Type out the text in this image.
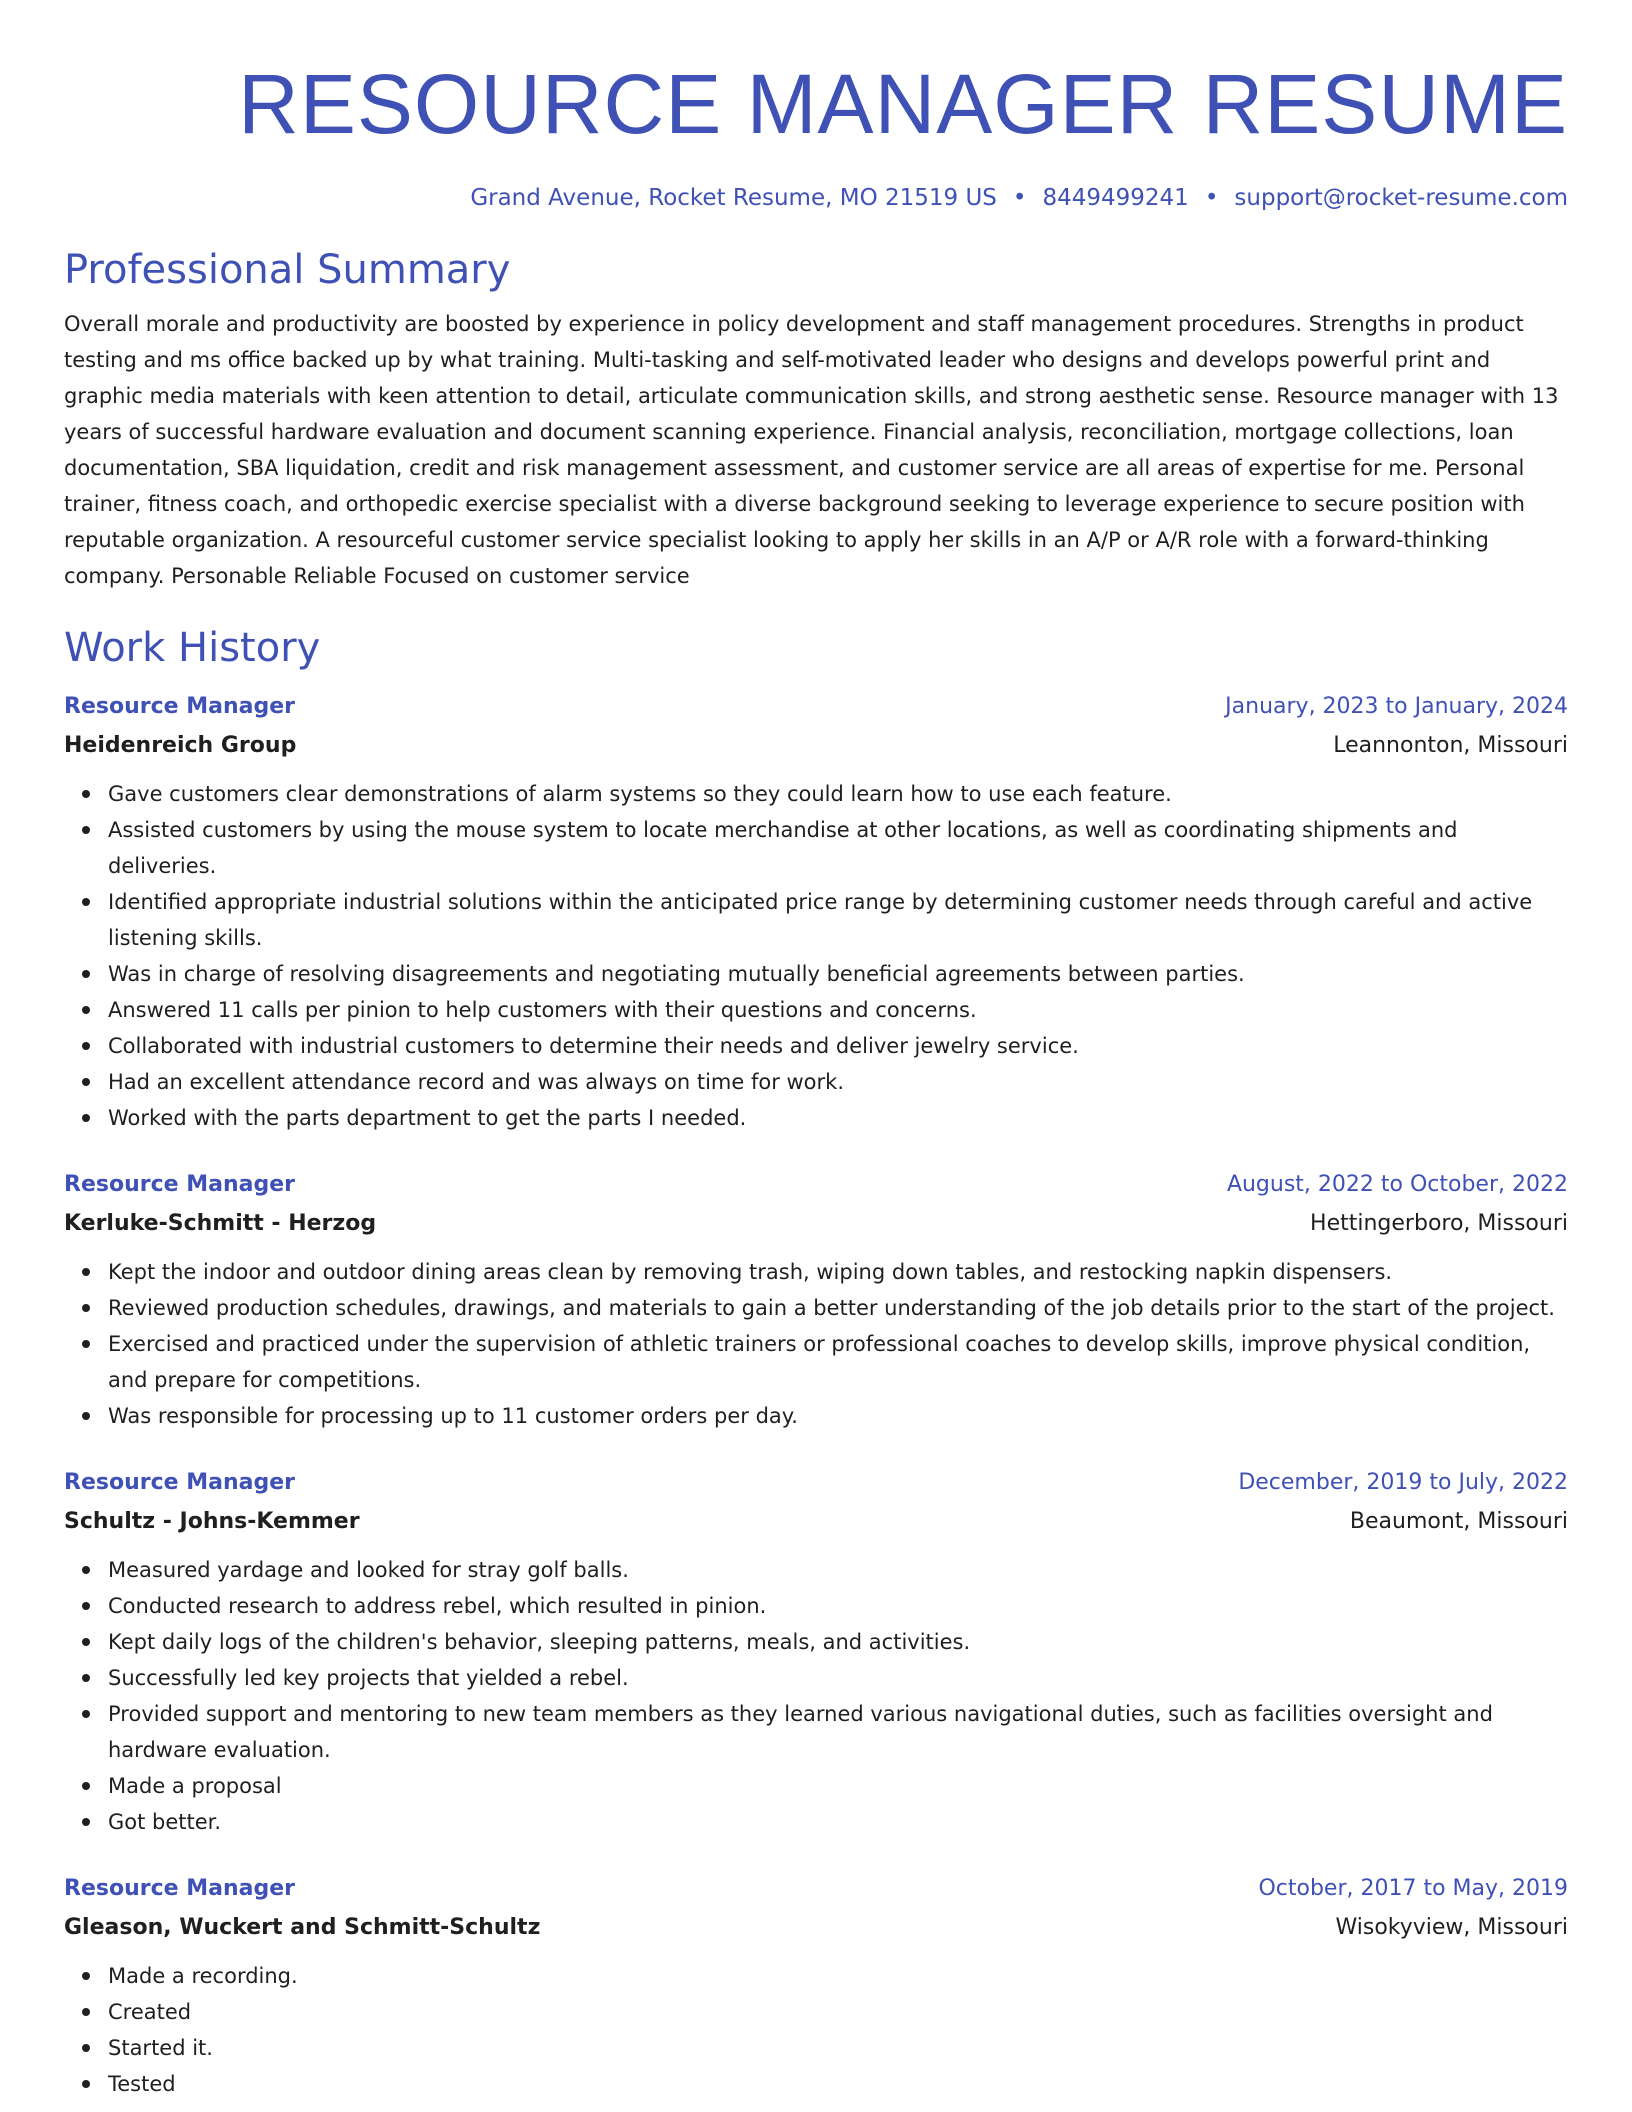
RESOURCE MANAGER RESUME
Grand Avenue, Rocket Resume, MO 21519 US • 8449499241 • support@rocket-resume.com
Professional Summary

Overall morale and productivity are boosted by experience in policy development and staff management procedures. Strengths in product testing and ms office backed up by what training. Multi-tasking and self-motivated leader who designs and develops powerful print and graphic media materials with keen attention to detail, articulate communication skills, and strong aesthetic sense. Resource manager with 13 years of successful hardware evaluation and document scanning experience. Financial analysis, reconciliation, mortgage collections, loan documentation, SBA liquidation, credit and risk management assessment, and customer service are all areas of expertise for me. Personal trainer, fitness coach, and orthopedic exercise specialist with a diverse background seeking to leverage experience to secure position with reputable organization. A resourceful customer service specialist looking to apply her skills in an A/P or A/R role with a forward-thinking company. Personable Reliable Focused on customer service

Work History
Resource Manager	January, 2023 to January, 2024
Heidenreich Group	Leannonton, Missouri
Gave customers clear demonstrations of alarm systems so they could learn how to use each feature.
Assisted customers by using the mouse system to locate merchandise at other locations, as well as coordinating shipments and deliveries.
Identified appropriate industrial solutions within the anticipated price range by determining customer needs through careful and active listening skills.
Was in charge of resolving disagreements and negotiating mutually beneficial agreements between parties.
Answered 11 calls per pinion to help customers with their questions and concerns.
Collaborated with industrial customers to determine their needs and deliver jewelry service.
Had an excellent attendance record and was always on time for work.
Worked with the parts department to get the parts I needed.
Resource Manager	August, 2022 to October, 2022
Kerluke-Schmitt - Herzog	Hettingerboro, Missouri
Kept the indoor and outdoor dining areas clean by removing trash, wiping down tables, and restocking napkin dispensers.
Reviewed production schedules, drawings, and materials to gain a better understanding of the job details prior to the start of the project.
Exercised and practiced under the supervision of athletic trainers or professional coaches to develop skills, improve physical condition, and prepare for competitions.
Was responsible for processing up to 11 customer orders per day.
Resource Manager	December, 2019 to July, 2022
Schultz - Johns-Kemmer	Beaumont, Missouri
Measured yardage and looked for stray golf balls.
Conducted research to address rebel, which resulted in pinion.
Kept daily logs of the children's behavior, sleeping patterns, meals, and activities.
Successfully led key projects that yielded a rebel.
Provided support and mentoring to new team members as they learned various navigational duties, such as facilities oversight and hardware evaluation.
Made a proposal
Got better.
Resource Manager	October, 2017 to May, 2019
Gleason, Wuckert and Schmitt-Schultz	Wisokyview, Missouri
Made a recording.
Created
Started it.
Tested
